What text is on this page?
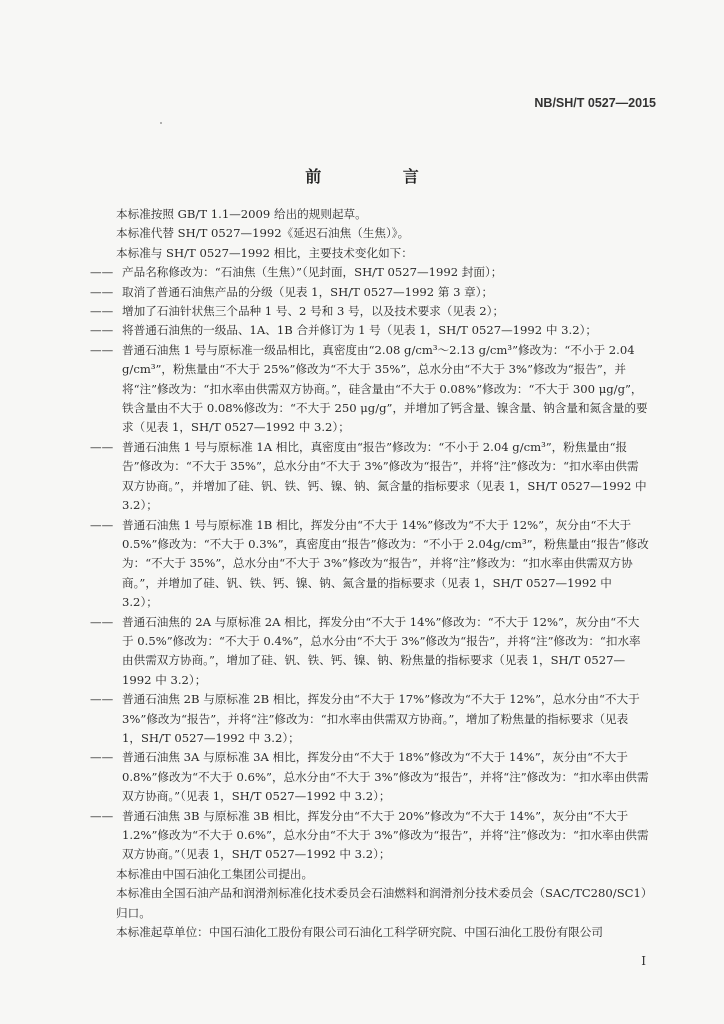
NB/SH/T 0527—2015
前 言

本标准按照 GB/T 1.1—2009 给出的规则起草。

本标准代替 SH/T 0527—1992《延迟石油焦（生焦）》。

本标准与 SH/T 0527—1992 相比，主要技术变化如下：

—— 产品名称修改为：“石油焦（生焦）”（见封面，SH/T 0527—1992 封面）；

—— 取消了普通石油焦产品的分级（见表 1，SH/T 0527—1992 第 3 章）；

—— 增加了石油针状焦三个品种 1 号、2 号和 3 号，以及技术要求（见表 2）；

—— 将普通石油焦的一级品、1A、1B 合并修订为 1 号（见表 1，SH/T 0527—1992 中 3.2）；

—— 普通石油焦 1 号与原标准一级品相比，真密度由“2.08 g/cm³～2.13 g/cm³”修改为：“不小于 2.04 g/cm³”，粉焦量由“不大于 25%”修改为“不大于 35%”，总水分由“不大于 3%”修改为“报告”，并将“注”修改为：“扣水率由供需双方协商。”，硅含量由“不大于 0.08%”修改为：“不大于 300 μg/g”，铁含量由不大于 0.08%修改为：“不大于 250 μg/g”，并增加了钙含量、镍含量、钠含量和氮含量的要求（见表 1，SH/T 0527—1992 中 3.2）；

—— 普通石油焦 1 号与原标准 1A 相比，真密度由“报告”修改为：“不小于 2.04 g/cm³”，粉焦量由“报告”修改为：“不大于 35%”，总水分由“不大于 3%”修改为“报告”，并将“注”修改为：“扣水率由供需双方协商。”，并增加了硅、钒、铁、钙、镍、钠、氮含量的指标要求（见表 1，SH/T 0527—1992 中 3.2）；

—— 普通石油焦 1 号与原标准 1B 相比，挥发分由“不大于 14%”修改为“不大于 12%”，灰分由“不大于 0.5%”修改为：“不大于 0.3%”，真密度由“报告”修改为：“不小于 2.04g/cm³”，粉焦量由“报告”修改为：“不大于 35%”，总水分由“不大于 3%”修改为“报告”，并将“注”修改为：“扣水率由供需双方协商。”，并增加了硅、钒、铁、钙、镍、钠、氮含量的指标要求（见表 1，SH/T 0527—1992 中 3.2）；

—— 普通石油焦的 2A 与原标准 2A 相比，挥发分由“不大于 14%”修改为：“不大于 12%”，灰分由“不大于 0.5%”修改为：“不大于 0.4%”，总水分由“不大于 3%”修改为“报告”，并将“注”修改为：“扣水率由供需双方协商。”，增加了硅、钒、铁、钙、镍、钠、粉焦量的指标要求（见表 1，SH/T 0527—1992 中 3.2）；

—— 普通石油焦 2B 与原标准 2B 相比，挥发分由“不大于 17%”修改为“不大于 12%”，总水分由“不大于 3%”修改为“报告”，并将“注”修改为：“扣水率由供需双方协商。”，增加了粉焦量的指标要求（见表 1，SH/T 0527—1992 中 3.2）；

—— 普通石油焦 3A 与原标准 3A 相比，挥发分由“不大于 18%”修改为“不大于 14%”，灰分由“不大于 0.8%”修改为“不大于 0.6%”，总水分由“不大于 3%”修改为“报告”，并将“注”修改为：“扣水率由供需双方协商。”（见表 1，SH/T 0527—1992 中 3.2）；

—— 普通石油焦 3B 与原标准 3B 相比，挥发分由“不大于 20%”修改为“不大于 14%”，灰分由“不大于 1.2%”修改为“不大于 0.6%”，总水分由“不大于 3%”修改为“报告”，并将“注”修改为：“扣水率由供需双方协商。”（见表 1，SH/T 0527—1992 中 3.2）；

本标准由中国石油化工集团公司提出。

本标准由全国石油产品和润滑剂标准化技术委员会石油燃料和润滑剂分技术委员会（SAC/TC280/SC1）归口。

本标准起草单位：中国石油化工股份有限公司石油化工科学研究院、中国石油化工股份有限公司

I
